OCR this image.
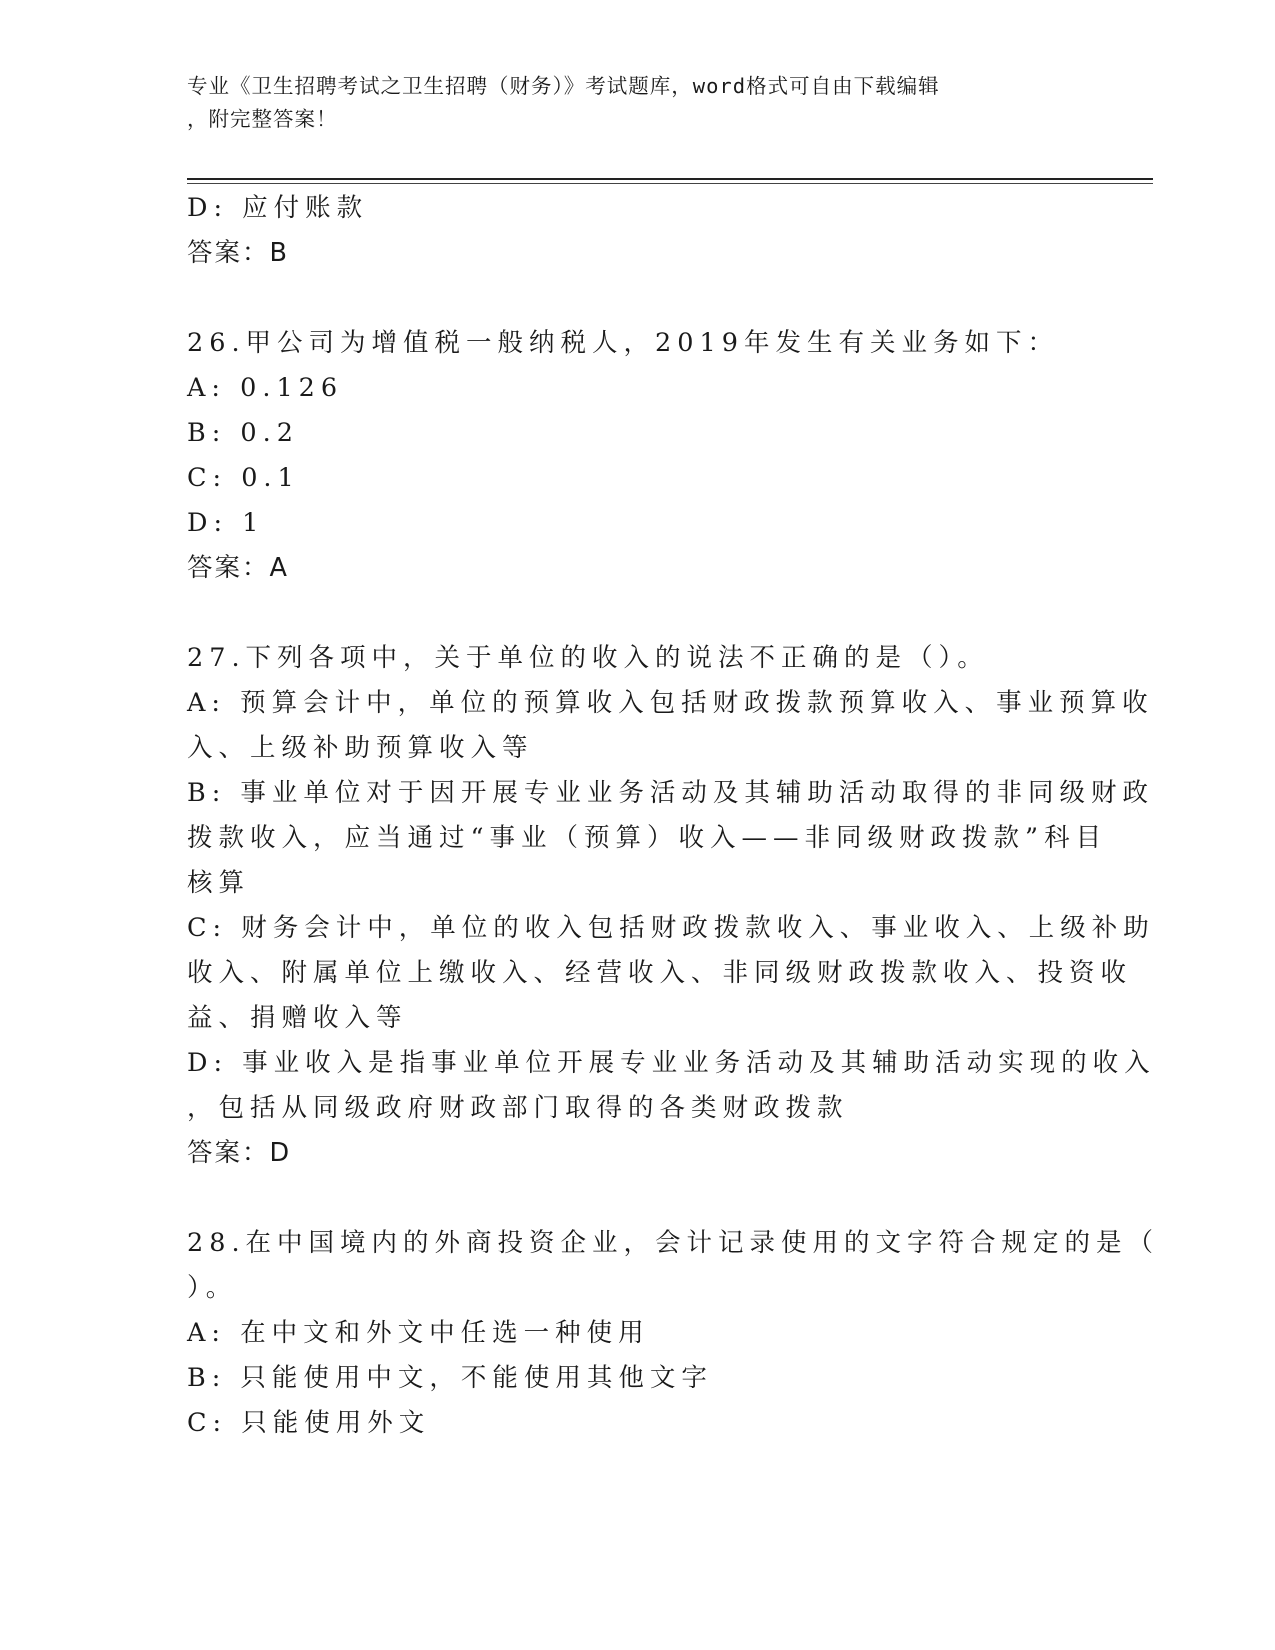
专业《卫生招聘考试之卫生招聘（财务）》考试题库，word格式可自由下载编辑
，附完整答案！
D: 应付账款
答案：B
26.甲公司为增值税一般纳税人，2019年发生有关业务如下：
A: 0.126
B: 0.2
C: 0.1
D: 1
答案：A
27.下列各项中，关于单位的收入的说法不正确的是（）。
A: 预算会计中，单位的预算收入包括财政拨款预算收入、事业预算收
入、上级补助预算收入等
B: 事业单位对于因开展专业业务活动及其辅助活动取得的非同级财政
拨款收入，应当通过“事业（预算）收入——非同级财政拨款”科目
核算
C: 财务会计中，单位的收入包括财政拨款收入、事业收入、上级补助
收入、附属单位上缴收入、经营收入、非同级财政拨款收入、投资收
益、捐赠收入等
D: 事业收入是指事业单位开展专业业务活动及其辅助活动实现的收入
，包括从同级政府财政部门取得的各类财政拨款
答案：D
28.在中国境内的外商投资企业，会计记录使用的文字符合规定的是（
）。
A: 在中文和外文中任选一种使用
B: 只能使用中文，不能使用其他文字
C: 只能使用外文
